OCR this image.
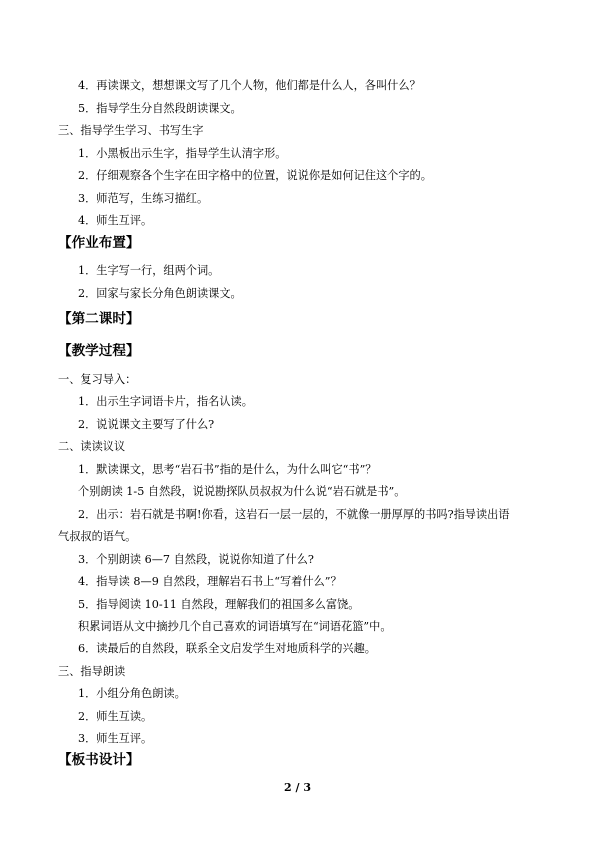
4．再读课文，想想课文写了几个人物，他们都是什么人，各叫什么？
5．指导学生分自然段朗读课文。
三、指导学生学习、书写生字
1．小黑板出示生字，指导学生认清字形。
2．仔细观察各个生字在田字格中的位置，说说你是如何记住这个字的。
3．师范写，生练习描红。
4．师生互评。
【作业布置】
1．生字写一行，组两个词。
2．回家与家长分角色朗读课文。
【第二课时】
【教学过程】
一、复习导入：
1．出示生字词语卡片，指名认读。
2．说说课文主要写了什么?
二、读读议议
1．默读课文，思考“岩石书”指的是什么，为什么叫它“书”？
个别朗读 1-5 自然段，说说勘探队员叔叔为什么说“岩石就是书”。
2．出示：岩石就是书啊!你看，这岩石一层一层的，不就像一册厚厚的书吗?指导读出语
气叔叔的语气。
3．个别朗读 6—7 自然段，说说你知道了什么?
4．指导读 8—9 自然段，理解岩石书上“写着什么”？
5．指导阅读 10-11 自然段，理解我们的祖国多么富饶。
积累词语从文中摘抄几个自己喜欢的词语填写在“词语花篮”中。
6．读最后的自然段，联系全文启发学生对地质科学的兴趣。
三、指导朗读
1．小组分角色朗读。
2．师生互读。
3．师生互评。
【板书设计】
2 / 3
